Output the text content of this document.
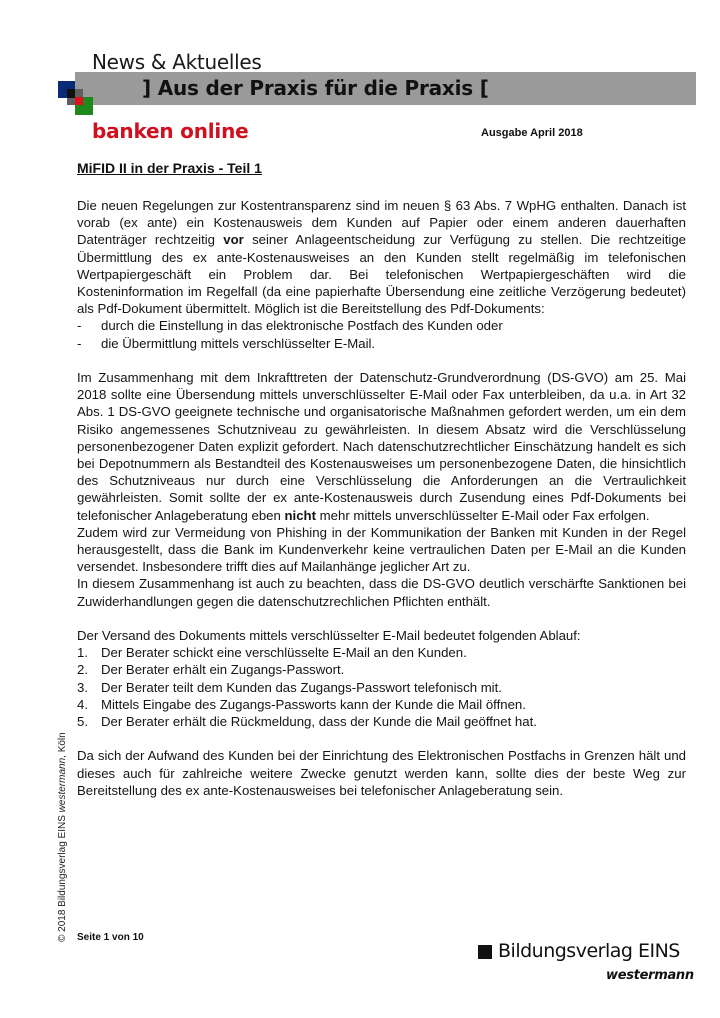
News & Aktuelles
] Aus der Praxis für die Praxis [
banken online	Ausgabe April 2018
MiFID II in der Praxis - Teil 1

Die neuen Regelungen zur Kostentransparenz sind im neuen § 63 Abs. 7 WpHG enthalten. Danach ist vorab (ex ante) ein Kostenausweis dem Kunden auf Papier oder einem anderen dauerhaften Datenträger rechtzeitig vor seiner Anlageentscheidung zur Verfügung zu stellen. Die rechtzeitige Übermittlung des ex ante-Kostenausweises an den Kunden stellt regelmäßig im telefonischen Wertpapiergeschäft ein Problem dar. Bei telefonischen Wertpapiergeschäften wird die Kosteninformation im Regelfall (da eine papierhafte Übersendung eine zeitliche Verzögerung bedeutet) als Pdf-Dokument übermittelt. Möglich ist die Bereitstellung des Pdf-Dokuments:

-	durch die Einstellung in das elektronische Postfach des Kunden oder
-	die Übermittlung mittels verschlüsselter E-Mail.

Im Zusammenhang mit dem Inkrafttreten der Datenschutz-Grundverordnung (DS-GVO) am 25. Mai 2018 sollte eine Übersendung mittels unverschlüsselter E-Mail oder Fax unterbleiben, da u.a. in Art 32 Abs. 1 DS-GVO geeignete technische und organisatorische Maßnahmen gefordert werden, um ein dem Risiko angemessenes Schutzniveau zu gewährleisten. In diesem Absatz wird die Verschlüsselung personenbezogener Daten explizit gefordert. Nach datenschutzrechtlicher Einschätzung handelt es sich bei Depotnummern als Bestandteil des Kostenausweises um personenbezogene Daten, die hinsichtlich des Schutzniveaus nur durch eine Verschlüsselung die Anforderungen an die Vertraulichkeit gewährleisten. Somit sollte der ex ante-Kostenausweis durch Zusendung eines Pdf-Dokuments bei telefonischer Anlageberatung eben nicht mehr mittels unverschlüsselter E-Mail oder Fax erfolgen.

Zudem wird zur Vermeidung von Phishing in der Kommunikation der Banken mit Kunden in der Regel herausgestellt, dass die Bank im Kundenverkehr keine vertraulichen Daten per E-Mail an die Kunden versendet. Insbesondere trifft dies auf Mailanhänge jeglicher Art zu.

In diesem Zusammenhang ist auch zu beachten, dass die DS-GVO deutlich verschärfte Sanktionen bei Zuwiderhandlungen gegen die datenschutzrechlichen Pflichten enthält.

Der Versand des Dokuments mittels verschlüsselter E-Mail bedeutet folgenden Ablauf:

1. Der Berater schickt eine verschlüsselte E-Mail an den Kunden.
2. Der Berater erhält ein Zugangs-Passwort.
3. Der Berater teilt dem Kunden das Zugangs-Passwort telefonisch mit.
4. Mittels Eingabe des Zugangs-Passworts kann der Kunde die Mail öffnen.
5. Der Berater erhält die Rückmeldung, dass der Kunde die Mail geöffnet hat.

Da sich der Aufwand des Kunden bei der Einrichtung des Elektronischen Postfachs in Grenzen hält und dieses auch für zahlreiche weitere Zwecke genutzt werden kann, sollte dies der beste Weg zur Bereitstellung des ex ante-Kostenausweises bei telefonischer Anlageberatung sein.

© 2018 Bildungsverlag EINS westermann, Köln
Seite 1 von 10
Bildungsverlag EINS
westermann
